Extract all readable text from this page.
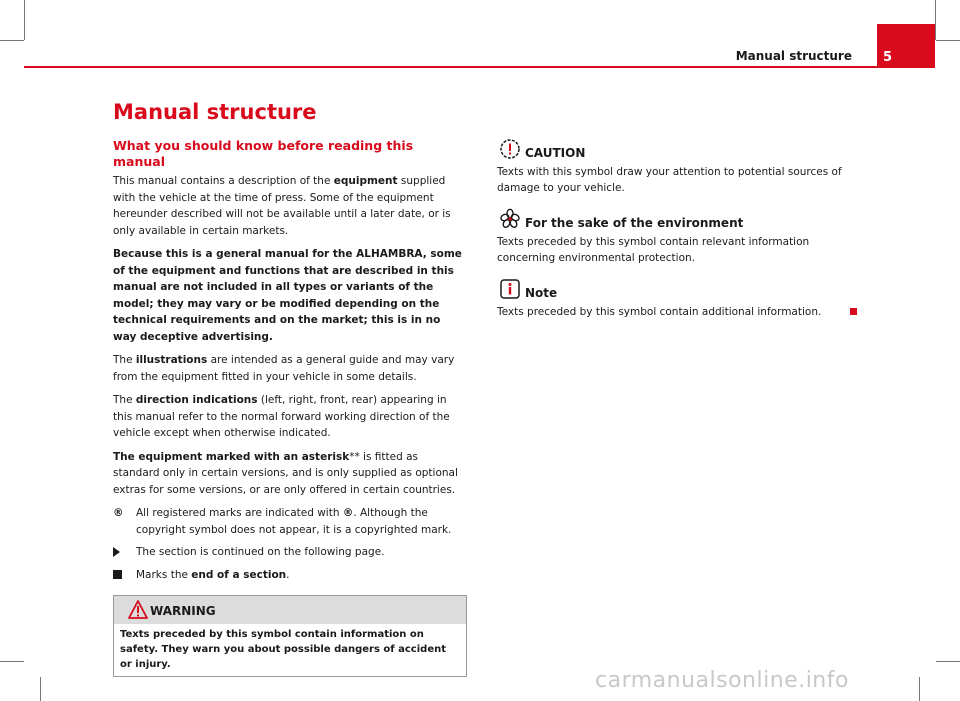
Manual structure 5
Manual structure
What you should know before reading this manual

This manual contains a description of the equipment supplied with the vehicle at the time of press. Some of the equipment hereunder described will not be available until a later date, or is only available in certain markets.

Because this is a general manual for the ALHAMBRA, some of the equipment and functions that are described in this manual are not included in all types or variants of the model; they may vary or be modified depending on the technical requirements and on the market; this is in no way deceptive advertising.

The illustrations are intended as a general guide and may vary from the equipment fitted in your vehicle in some details.

The direction indications (left, right, front, rear) appearing in this manual refer to the normal forward working direction of the vehicle except when otherwise indicated.

The equipment marked with an asterisk** is fitted as standard only in certain versions, and is only supplied as optional extras for some versions, or are only offered in certain countries.

® All registered marks are indicated with ®. Although the copyright symbol does not appear, it is a copyrighted mark.
The section is continued on the following page.
Marks the end of a section.
WARNING
Texts preceded by this symbol contain information on safety. They warn you about possible dangers of accident or injury.
CAUTION

Texts with this symbol draw your attention to potential sources of damage to your vehicle.

For the sake of the environment

Texts preceded by this symbol contain relevant information concerning environmental protection.

Note

Texts preceded by this symbol contain additional information.

carmanualsonline.info
